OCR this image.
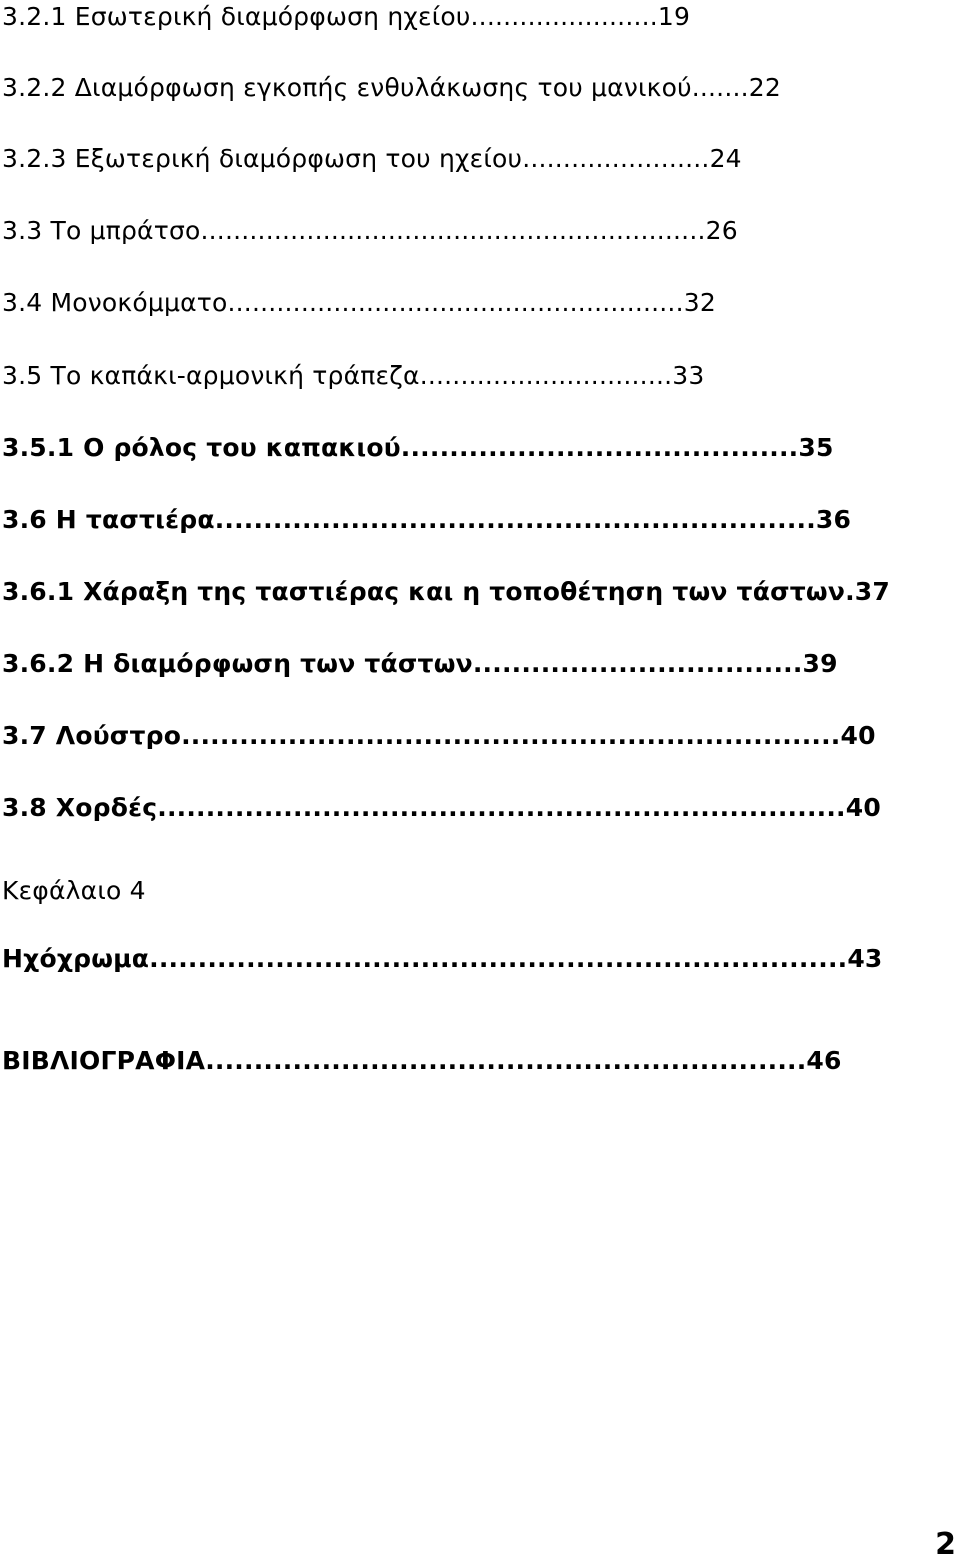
3.2.1 Εσωτερική διαμόρφωση ηχείου.......................19
3.2.2 Διαμόρφωση εγκοπής ενθυλάκωσης του μανικού.......22
3.2.3 Εξωτερική διαμόρφωση του ηχείου.......................24
3.3 Το μπράτσο..............................................................26
3.4 Μονοκόμματο........................................................32
3.5 Το καπάκι-αρμονική τράπεζα...............................33
3.5.1 Ο ρόλος του καπακιού.........................................35
3.6 Η ταστιέρα..............................................................36
3.6.1 Χάραξη της ταστιέρας και η τοποθέτηση των τάστων.37
3.6.2 Η διαμόρφωση των τάστων..................................39
3.7 Λούστρο....................................................................40
3.8 Χορδές.......................................................................40
Κεφάλαιο 4
Ηχόχρωμα........................................................................43
ΒΙΒΛΙΟΓΡΑΦΙΑ..............................................................46
2
